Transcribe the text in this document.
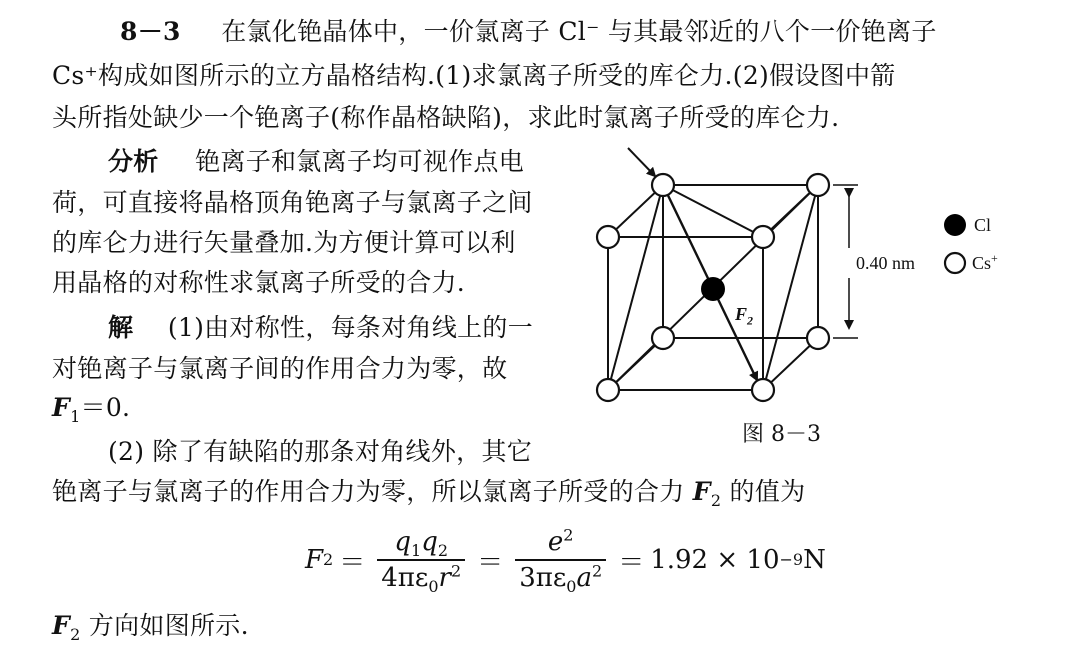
8－3 在氯化铯晶体中，一价氯离子 Cl⁻ 与其最邻近的八个一价铯离子
Cs⁺构成如图所示的立方晶格结构.(1)求氯离子所受的库仑力.(2)假设图中箭
头所指处缺少一个铯离子(称作晶格缺陷)，求此时氯离子所受的库仑力.
分析 铯离子和氯离子均可视作点电
荷，可直接将晶格顶角铯离子与氯离子之间
的库仑力进行矢量叠加.为方便计算可以利
用晶格的对称性求氯离子所受的合力.
解 (1)由对称性，每条对角线上的一
对铯离子与氯离子间的作用合力为零，故
$F_1=0$.
(2) 除了有缺陷的那条对角线外，其它
铯离子与氯离子的作用合力为零，所以氯离子所受的合力 $F_2$ 的值为
F $2 = \frac{q_1q_2}{4\pi\varepsilon_0r^2} = \frac{e^2}{3\pi\varepsilon_0a^2} = 1.92 \times 10 -9$ N
$F_2$ 方向如图所示.
$F_2$
0.40 nm
Cl
Cs+
图 8－3
